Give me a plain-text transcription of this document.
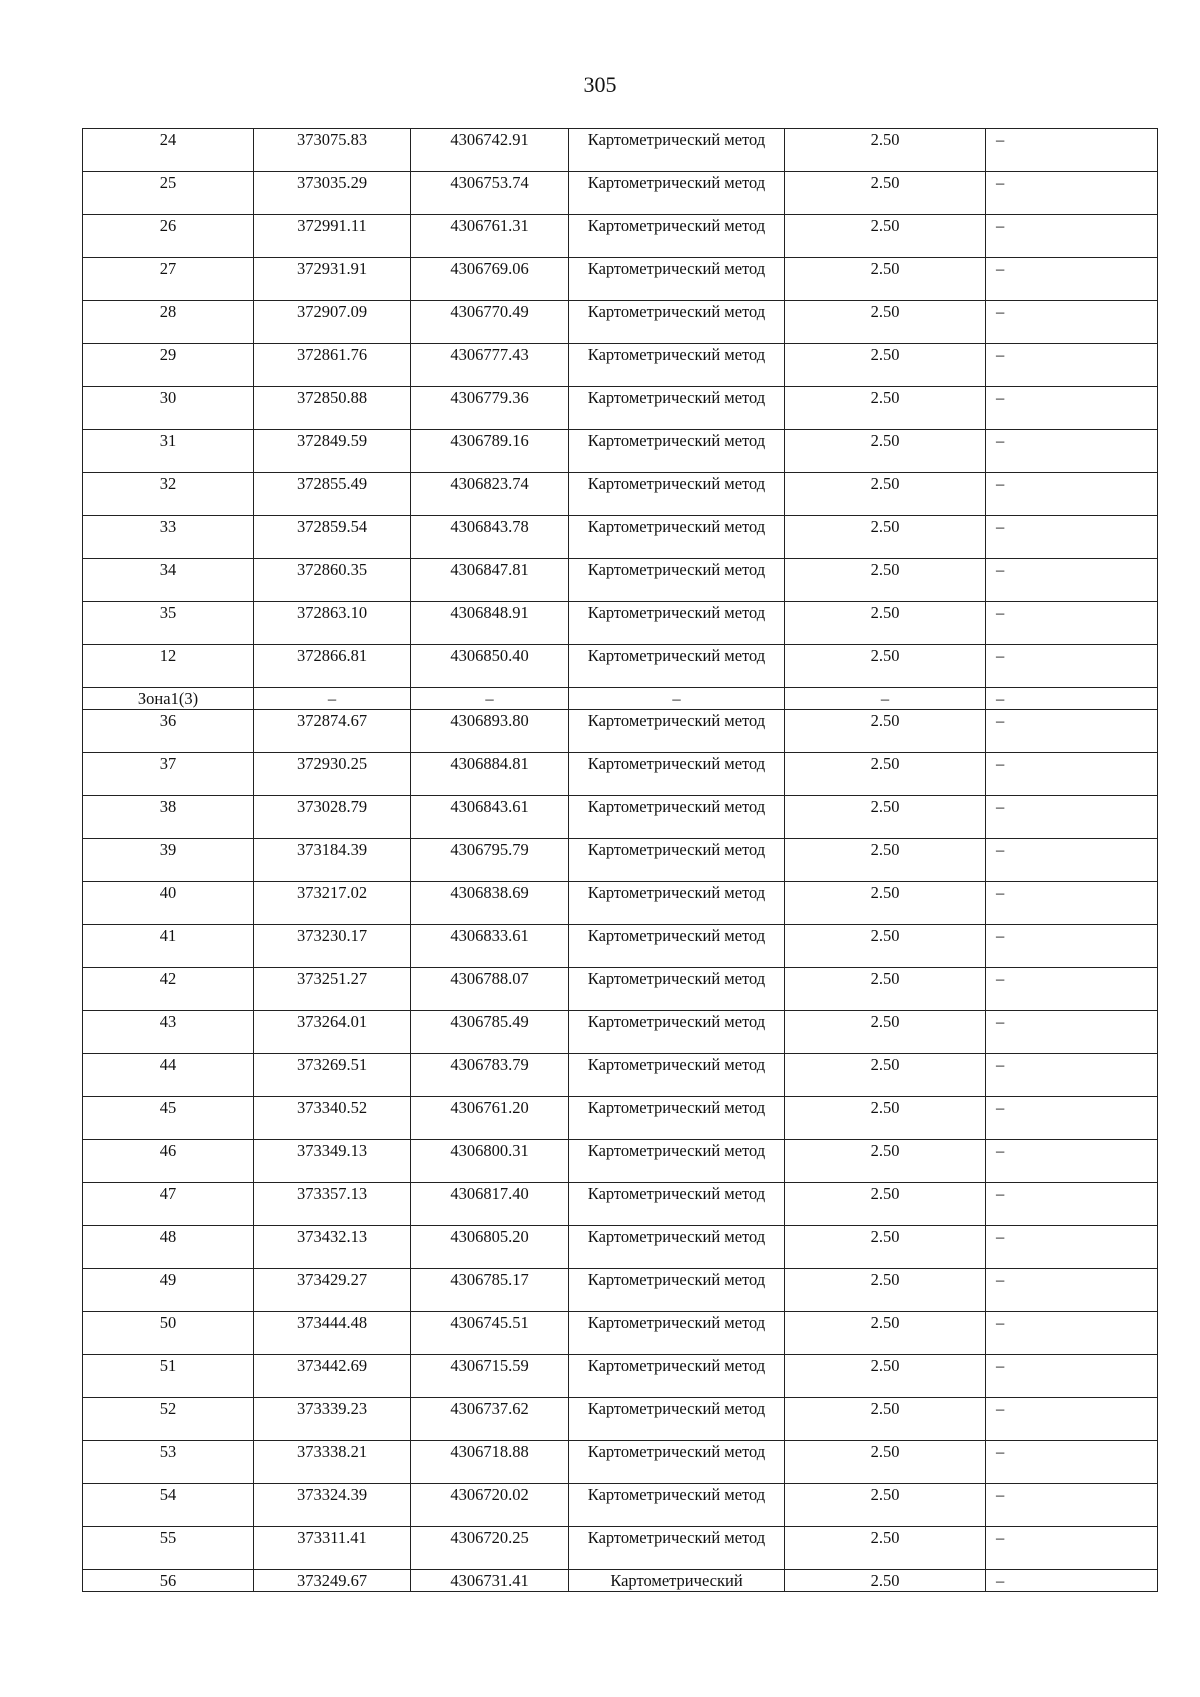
305
24	373075.83	4306742.91	Картометрический метод	2.50	–
25	373035.29	4306753.74	Картометрический метод	2.50	–
26	372991.11	4306761.31	Картометрический метод	2.50	–
27	372931.91	4306769.06	Картометрический метод	2.50	–
28	372907.09	4306770.49	Картометрический метод	2.50	–
29	372861.76	4306777.43	Картометрический метод	2.50	–
30	372850.88	4306779.36	Картометрический метод	2.50	–
31	372849.59	4306789.16	Картометрический метод	2.50	–
32	372855.49	4306823.74	Картометрический метод	2.50	–
33	372859.54	4306843.78	Картометрический метод	2.50	–
34	372860.35	4306847.81	Картометрический метод	2.50	–
35	372863.10	4306848.91	Картометрический метод	2.50	–
12	372866.81	4306850.40	Картометрический метод	2.50	–
Зона1(3)	–	–	–	–	–
36	372874.67	4306893.80	Картометрический метод	2.50	–
37	372930.25	4306884.81	Картометрический метод	2.50	–
38	373028.79	4306843.61	Картометрический метод	2.50	–
39	373184.39	4306795.79	Картометрический метод	2.50	–
40	373217.02	4306838.69	Картометрический метод	2.50	–
41	373230.17	4306833.61	Картометрический метод	2.50	–
42	373251.27	4306788.07	Картометрический метод	2.50	–
43	373264.01	4306785.49	Картометрический метод	2.50	–
44	373269.51	4306783.79	Картометрический метод	2.50	–
45	373340.52	4306761.20	Картометрический метод	2.50	–
46	373349.13	4306800.31	Картометрический метод	2.50	–
47	373357.13	4306817.40	Картометрический метод	2.50	–
48	373432.13	4306805.20	Картометрический метод	2.50	–
49	373429.27	4306785.17	Картометрический метод	2.50	–
50	373444.48	4306745.51	Картометрический метод	2.50	–
51	373442.69	4306715.59	Картометрический метод	2.50	–
52	373339.23	4306737.62	Картометрический метод	2.50	–
53	373338.21	4306718.88	Картометрический метод	2.50	–
54	373324.39	4306720.02	Картометрический метод	2.50	–
55	373311.41	4306720.25	Картометрический метод	2.50	–
56	373249.67	4306731.41	Картометрический	2.50	–
